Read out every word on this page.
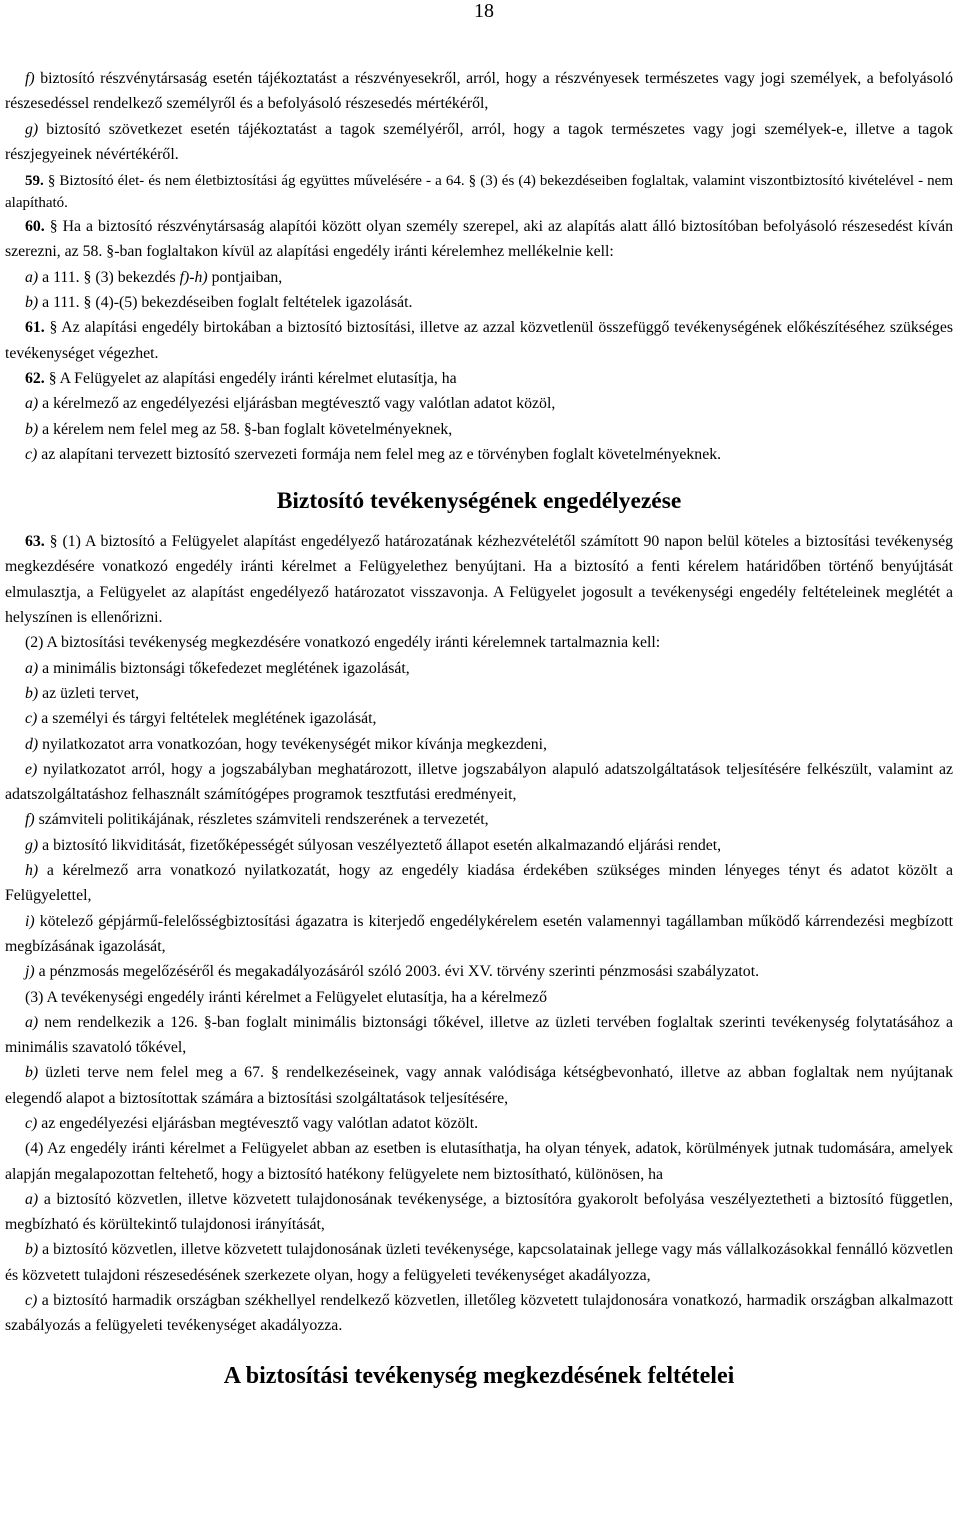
18

f) biztosító részvénytársaság esetén tájékoztatást a részvényesekről, arról, hogy a részvényesek természetes vagy jogi személyek, a befolyásoló részesedéssel rendelkező személyről és a befolyásoló részesedés mértékéről,

g) biztosító szövetkezet esetén tájékoztatást a tagok személyéről, arról, hogy a tagok természetes vagy jogi személyek-e, illetve a tagok részjegyeinek névértékéről.

59. § Biztosító élet- és nem életbiztosítási ág együttes művelésére - a 64. § (3) és (4) bekezdéseiben foglaltak, valamint viszontbiztosító kivételével - nem alapítható.

60. § Ha a biztosító részvénytársaság alapítói között olyan személy szerepel, aki az alapítás alatt álló biztosítóban befolyásoló részesedést kíván szerezni, az 58. §-ban foglaltakon kívül az alapítási engedély iránti kérelemhez mellékelnie kell:

a) a 111. § (3) bekezdés f)-h) pontjaiban,

b) a 111. § (4)-(5) bekezdéseiben foglalt feltételek igazolását.

61. § Az alapítási engedély birtokában a biztosító biztosítási, illetve az azzal közvetlenül összefüggő tevékenységének előkészítéséhez szükséges tevékenységet végezhet.

62. § A Felügyelet az alapítási engedély iránti kérelmet elutasítja, ha

a) a kérelmező az engedélyezési eljárásban megtévesztő vagy valótlan adatot közöl,

b) a kérelem nem felel meg az 58. §-ban foglalt követelményeknek,

c) az alapítani tervezett biztosító szervezeti formája nem felel meg az e törvényben foglalt követelményeknek.

Biztosító tevékenységének engedélyezése

63. § (1) A biztosító a Felügyelet alapítást engedélyező határozatának kézhezvételétől számított 90 napon belül köteles a biztosítási tevékenység megkezdésére vonatkozó engedély iránti kérelmet a Felügyelethez benyújtani. Ha a biztosító a fenti kérelem határidőben történő benyújtását elmulasztja, a Felügyelet az alapítást engedélyező határozatot visszavonja. A Felügyelet jogosult a tevékenységi engedély feltételeinek meglétét a helyszínen is ellenőrizni.

(2) A biztosítási tevékenység megkezdésére vonatkozó engedély iránti kérelemnek tartalmaznia kell:

a) a minimális biztonsági tőkefedezet meglétének igazolását,

b) az üzleti tervet,

c) a személyi és tárgyi feltételek meglétének igazolását,

d) nyilatkozatot arra vonatkozóan, hogy tevékenységét mikor kívánja megkezdeni,

e) nyilatkozatot arról, hogy a jogszabályban meghatározott, illetve jogszabályon alapuló adatszolgáltatások teljesítésére felkészült, valamint az adatszolgáltatáshoz felhasznált számítógépes programok tesztfutási eredményeit,

f) számviteli politikájának, részletes számviteli rendszerének a tervezetét,

g) a biztosító likviditását, fizetőképességét súlyosan veszélyeztető állapot esetén alkalmazandó eljárási rendet,

h) a kérelmező arra vonatkozó nyilatkozatát, hogy az engedély kiadása érdekében szükséges minden lényeges tényt és adatot közölt a Felügyelettel,

i) kötelező gépjármű-felelősségbiztosítási ágazatra is kiterjedő engedélykérelem esetén valamennyi tagállamban működő kárrendezési megbízott megbízásának igazolását,

j) a pénzmosás megelőzéséről és megakadályozásáról szóló 2003. évi XV. törvény szerinti pénzmosási szabályzatot.

(3) A tevékenységi engedély iránti kérelmet a Felügyelet elutasítja, ha a kérelmező

a) nem rendelkezik a 126. §-ban foglalt minimális biztonsági tőkével, illetve az üzleti tervében foglaltak szerinti tevékenység folytatásához a minimális szavatoló tőkével,

b) üzleti terve nem felel meg a 67. § rendelkezéseinek, vagy annak valódisága kétségbevonható, illetve az abban foglaltak nem nyújtanak elegendő alapot a biztosítottak számára a biztosítási szolgáltatások teljesítésére,

c) az engedélyezési eljárásban megtévesztő vagy valótlan adatot közölt.

(4) Az engedély iránti kérelmet a Felügyelet abban az esetben is elutasíthatja, ha olyan tények, adatok, körülmények jutnak tudomására, amelyek alapján megalapozottan feltehető, hogy a biztosító hatékony felügyelete nem biztosítható, különösen, ha

a) a biztosító közvetlen, illetve közvetett tulajdonosának tevékenysége, a biztosítóra gyakorolt befolyása veszélyeztetheti a biztosító független, megbízható és körültekintő tulajdonosi irányítását,

b) a biztosító közvetlen, illetve közvetett tulajdonosának üzleti tevékenysége, kapcsolatainak jellege vagy más vállalkozásokkal fennálló közvetlen és közvetett tulajdoni részesedésének szerkezete olyan, hogy a felügyeleti tevékenységet akadályozza,

c) a biztosító harmadik országban székhellyel rendelkező közvetlen, illetőleg közvetett tulajdonosára vonatkozó, harmadik országban alkalmazott szabályozás a felügyeleti tevékenységet akadályozza.

A biztosítási tevékenység megkezdésének feltételei
